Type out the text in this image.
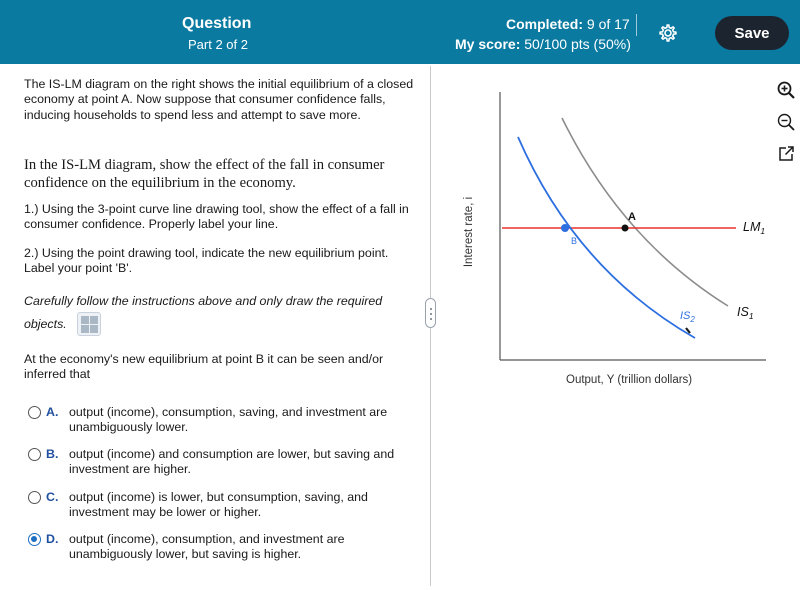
Question
Part 2 of 2
Completed: 9 of 17
My score: 50/100 pts (50%)
Save
The IS-LM diagram on the right shows the initial equilibrium of a closed economy at point A. Now suppose that consumer confidence falls, inducing households to spend less and attempt to save more.
In the IS-LM diagram, show the effect of the fall in consumer confidence on the equilibrium in the economy.
1.) Using the 3-point curve line drawing tool, show the effect of a fall in consumer confidence. Properly label your line.
2.) Using the point drawing tool, indicate the new equilibrium point. Label your point 'B'.
Carefully follow the instructions above and only draw the required
objects.
At the economy's new equilibrium at point B it can be seen and/or inferred that
A. output (income), consumption, saving, and investment are unambiguously lower.
B. output (income) and consumption are lower, but saving and investment are higher.
C. output (income) is lower, but consumption, saving, and investment may be lower or higher.
D. output (income), consumption, and investment are unambiguously lower, but saving is higher.
Interest rate, i
Output, Y (trillion dollars)
A
B
$LM_1$
$IS_1$
$IS_2$
